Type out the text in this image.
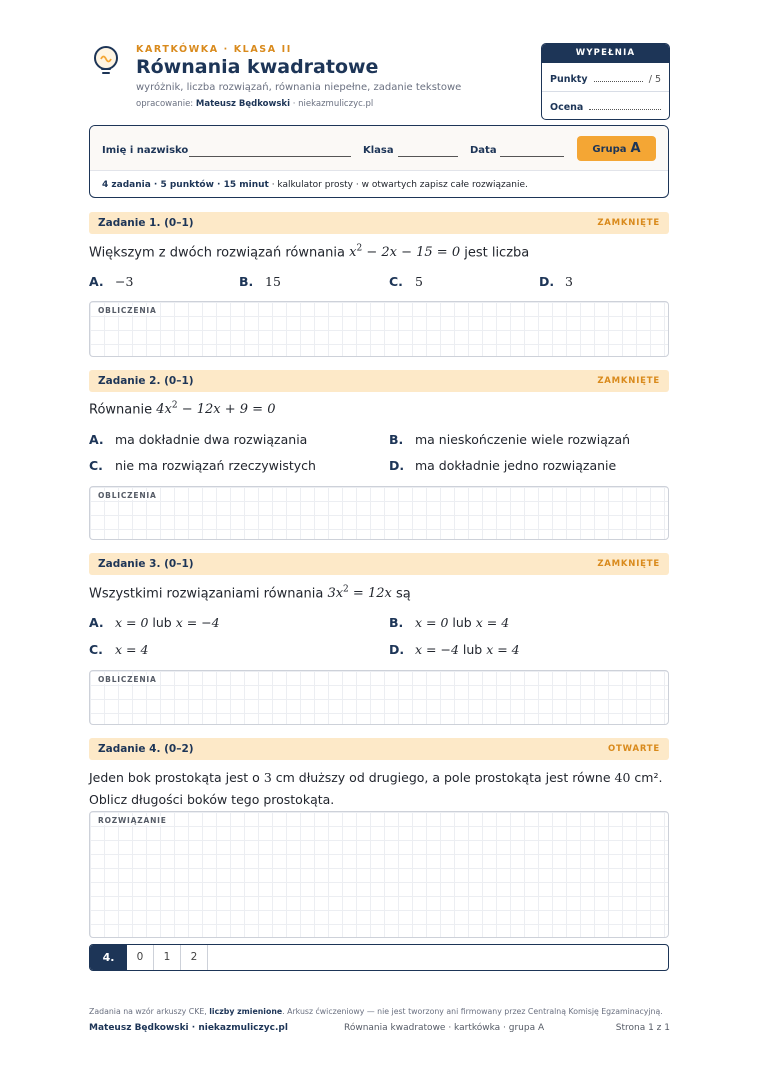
KARTKÓWKA · KLASA II
Równania kwadratowe
wyróżnik, liczba rozwiązań, równania niepełne, zadanie tekstowe
opracowanie: Mateusz Będkowski · niekazmuliczyc.pl
WYPEŁNIA NAUCZYCIEL
Punkty	/ 5
Ocena
Imię i nazwisko	Klasa	Data	Grupa A
4 zadania · 5 punktów · 15 minut · kalkulator prosty · w otwartych zapisz całe rozwiązanie.
Zadanie 1. (0–1)	ZAMKNIĘTE
Większym z dwóch rozwiązań równania $x^2 - 2x - 15 = 0$ jest liczba
A. −3	B. 15	C. 5	D. 3
OBLICZENIA
Zadanie 2. (0–1)	ZAMKNIĘTE
Równanie $4x^2 - 12x + 9 = 0$
A. ma dokładnie dwa rozwiązania	B. ma nieskończenie wiele rozwiązań
C. nie ma rozwiązań rzeczywistych	D. ma dokładnie jedno rozwiązanie
OBLICZENIA
Zadanie 3. (0–1)	ZAMKNIĘTE
Wszystkimi rozwiązaniami równania $3x^2 = 12x$ są
A. x = 0 lub x = −4	B. x = 0 lub x = 4
C. x = 4	D. x = −4 lub x = 4
OBLICZENIA
Zadanie 4. (0–2)	OTWARTE
Jeden bok prostokąta jest o 3 cm dłuższy od drugiego, a pole prostokąta jest równe 40 cm².
Oblicz długości boków tego prostokąta.
ROZWIĄZANIE
4.	0	1	2
Zadania na wzór arkuszy CKE, liczby zmienione. Arkusz ćwiczeniowy — nie jest tworzony ani firmowany przez Centralną Komisję Egzaminacyjną.
Mateusz Będkowski · niekazmuliczyc.pl	Równania kwadratowe · kartkówka · grupa A	Strona 1 z 1
